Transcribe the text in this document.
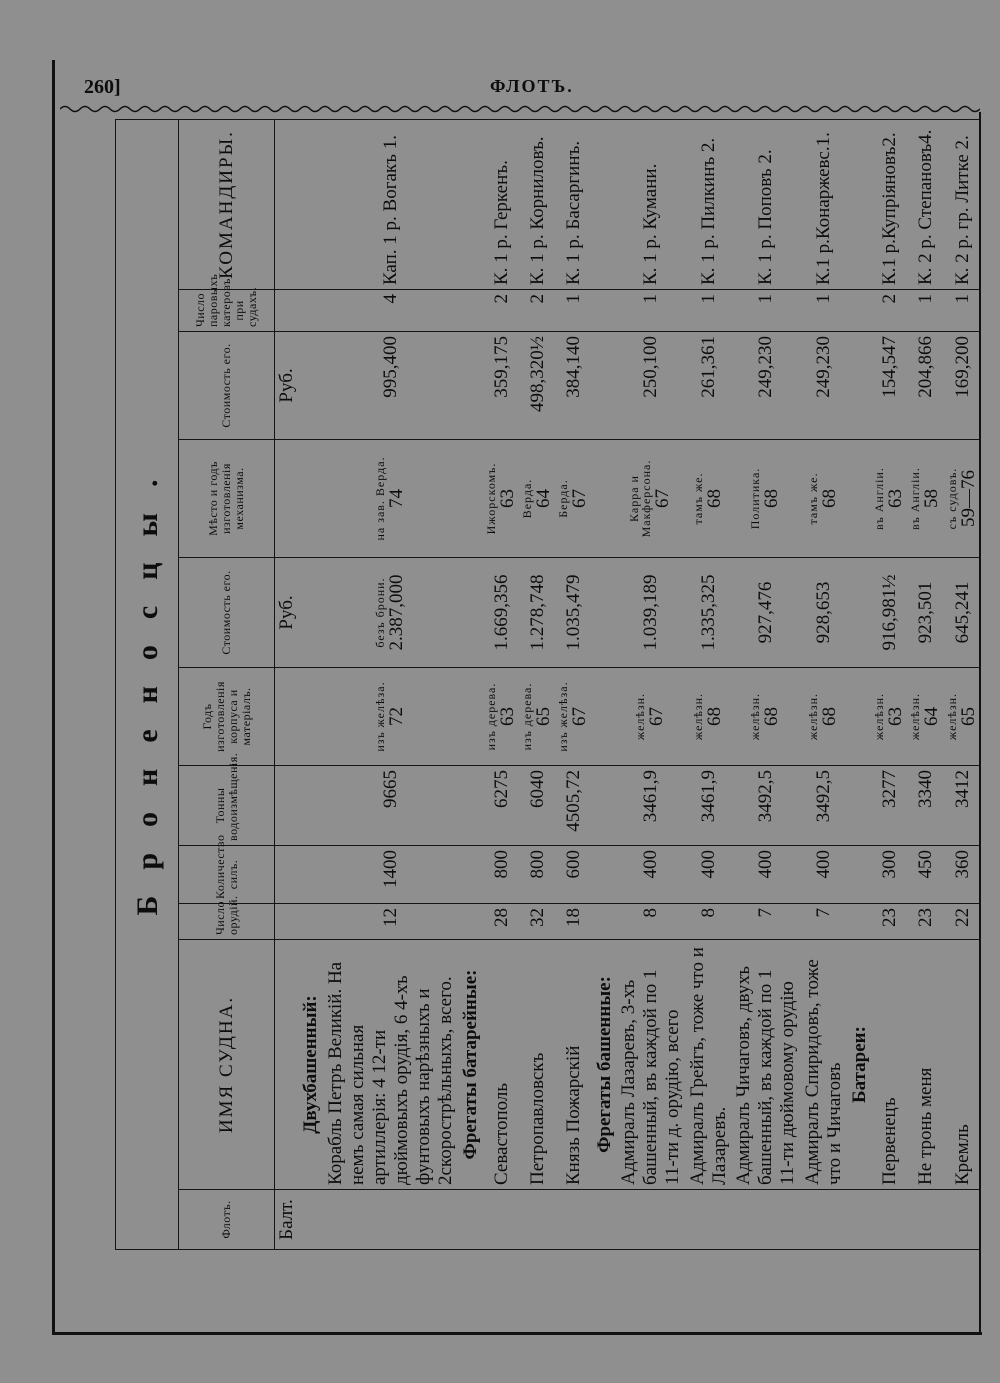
260]	ФЛОТЪ.
Броненосцы.										
Флотъ.	ИМЯ СУДНА.	Число орудій.	Количество силъ.	Тонны водоизмѣщенія.	Годъ изготовленія корпуса и матеріалъ.	Стоимость его.	Мѣсто и годъ изготовленія механизма.	Стоимость его.	Число паровыхъ катеровъ при судахъ.	КОМАНДИРЫ.
Балт.						Руб.		Руб.		
	Двухбашенный:									
	Корабль Петръ Великій. На немъ самая сильная артиллерія: 4 12-ти дюймовыхъ орудія, 6 4-хъ фунтовыхъ нарѣзныхъ и 2скорострѣльныхъ, всего.	12	1400	9665	изъ желѣза. 72	безъ брони. 2.387,000	на зав. Верда. 74	995,400	4	Кап. 1 р. Вогакъ 1.
	Фрегаты батарейные:									
	Севастополь	28	800	6275	изъ дерева. 63	1.669,356	Ижорскомъ. 63	359,175	2	К. 1 р. Геркенъ.
	Петропавловскъ	32	800	6040	изъ дерева. 65	1.278,748	Верда. 64	498,320½	2	К. 1 р. Корниловъ.
	Князь Пожарскій	18	600	4505,72	изъ желѣза. 67	1.035,479	Берда. 67	384,140	1	К. 1 р. Басаргинъ.
	Фрегаты башенные:									
	Адмиралъ Лазаревъ, 3-хъ башенный, въ каждой по 1 11-ти д. орудію, всего	8	400	3461,9	желѣзн. 67	1.039,189	Карра и Макферсона. 67	250,100	1	К. 1 р. Кумани.
	Адмиралъ Грейгъ, тоже что и Лазаревъ.	8	400	3461,9	желѣзн. 68	1.335,325	тамъ же. 68	261,361	1	К. 1 р. Пилкинъ 2.
	Адмиралъ Чичаговъ, двухъ башенный, въ каждой по 1 11-ти дюймовому орудію	7	400	3492,5	желѣзн. 68	927,476	Политика. 68	249,230	1	К. 1 р. Поповъ 2.
	Адмиралъ Спиридовъ, тоже что и Чичаговъ	7	400	3492,5	желѣзн. 68	928,653	тамъ же. 68	249,230	1	К.1 р.Конаржевс.1.
	Батареи:									
	Первенецъ	23	300	3277	желѣзн. 63	916,981½	въ Англіи. 63	154,547	2	К.1 р.Купріяновъ2.
	Не тронь меня	23	450	3340	желѣзн. 64	923,501	въ Англіи. 58	204,866	1	К. 2 р. Степановъ4.
	Кремль	22	360	3412	желѣзн. 65	645,241	съ судовъ. 59—76	169,200	1	К. 2 р. гр. Литке 2.
